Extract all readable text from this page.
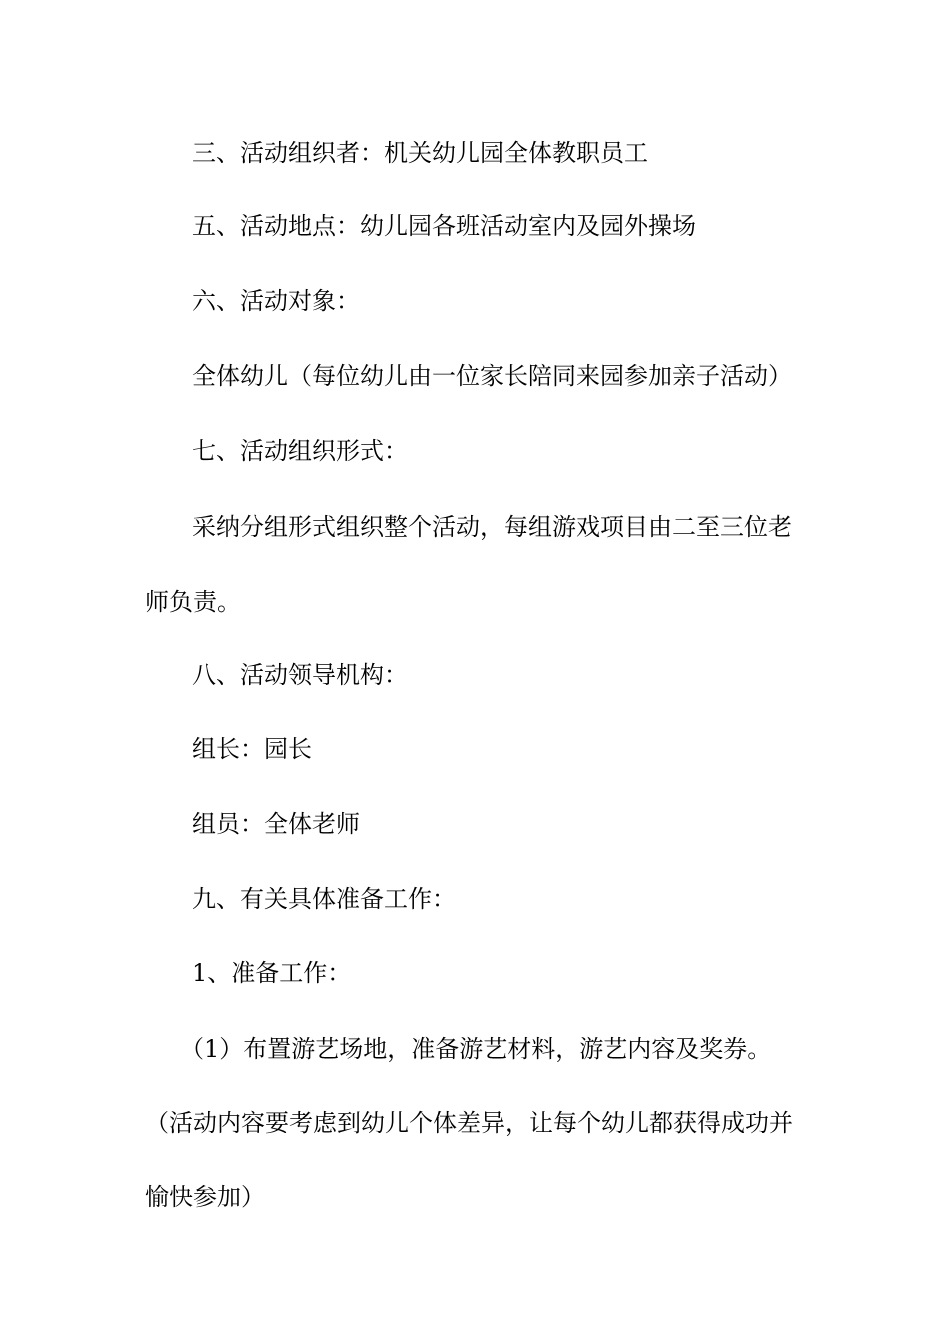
三、活动组织者：机关幼儿园全体教职员工
五、活动地点：幼儿园各班活动室内及园外操场
六、活动对象：
全体幼儿（每位幼儿由一位家长陪同来园参加亲子活动）
七、活动组织形式：
采纳分组形式组织整个活动，每组游戏项目由二至三位老
师负责。
八、活动领导机构：
组长：园长
组员：全体老师
九、有关具体准备工作：
1、准备工作：
（1）布置游艺场地，准备游艺材料，游艺内容及奖券。
（活动内容要考虑到幼儿个体差异，让每个幼儿都获得成功并
愉快参加）
